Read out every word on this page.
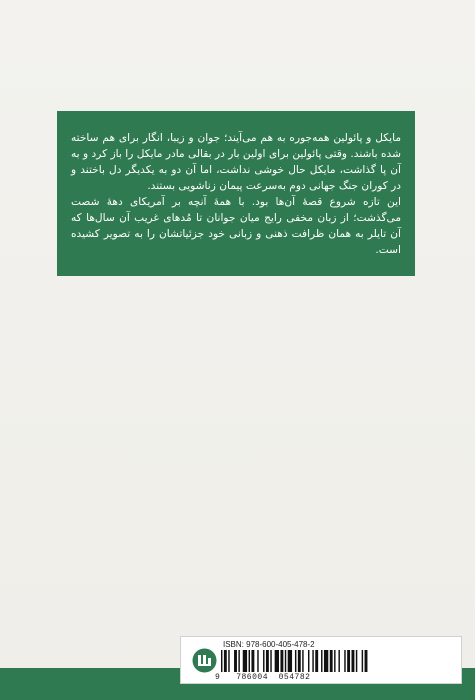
مایکل و پائولین همه‌جوره به هم می‌آیند؛ جوان و زیبا، انگار برای هم ساخته شده باشند. وقتی پائولین برای اولین بار در بقالی مادر مایکل را باز کرد و به آن پا گذاشت، مایکل حال خوشی نداشت، اما آن دو به یکدیگر دل باختند و در کوران جنگ جهانی دوم به‌سرعت پیمان زناشویی بستند.

این تازه شروع قصهٔ آن‌ها بود. با همهٔ آنچه بر آمریکای دههٔ شصت می‌گذشت؛ از زبان مخفی رایج میان جوانان تا مُدهای غریب آن سال‌ها که آن تایلر به همان ظرافت ذهنی و زبانی خود جزئیاتشان را به تصویر کشیده است.

ISBN: 978-600-405-478-2
9   786004  054782
